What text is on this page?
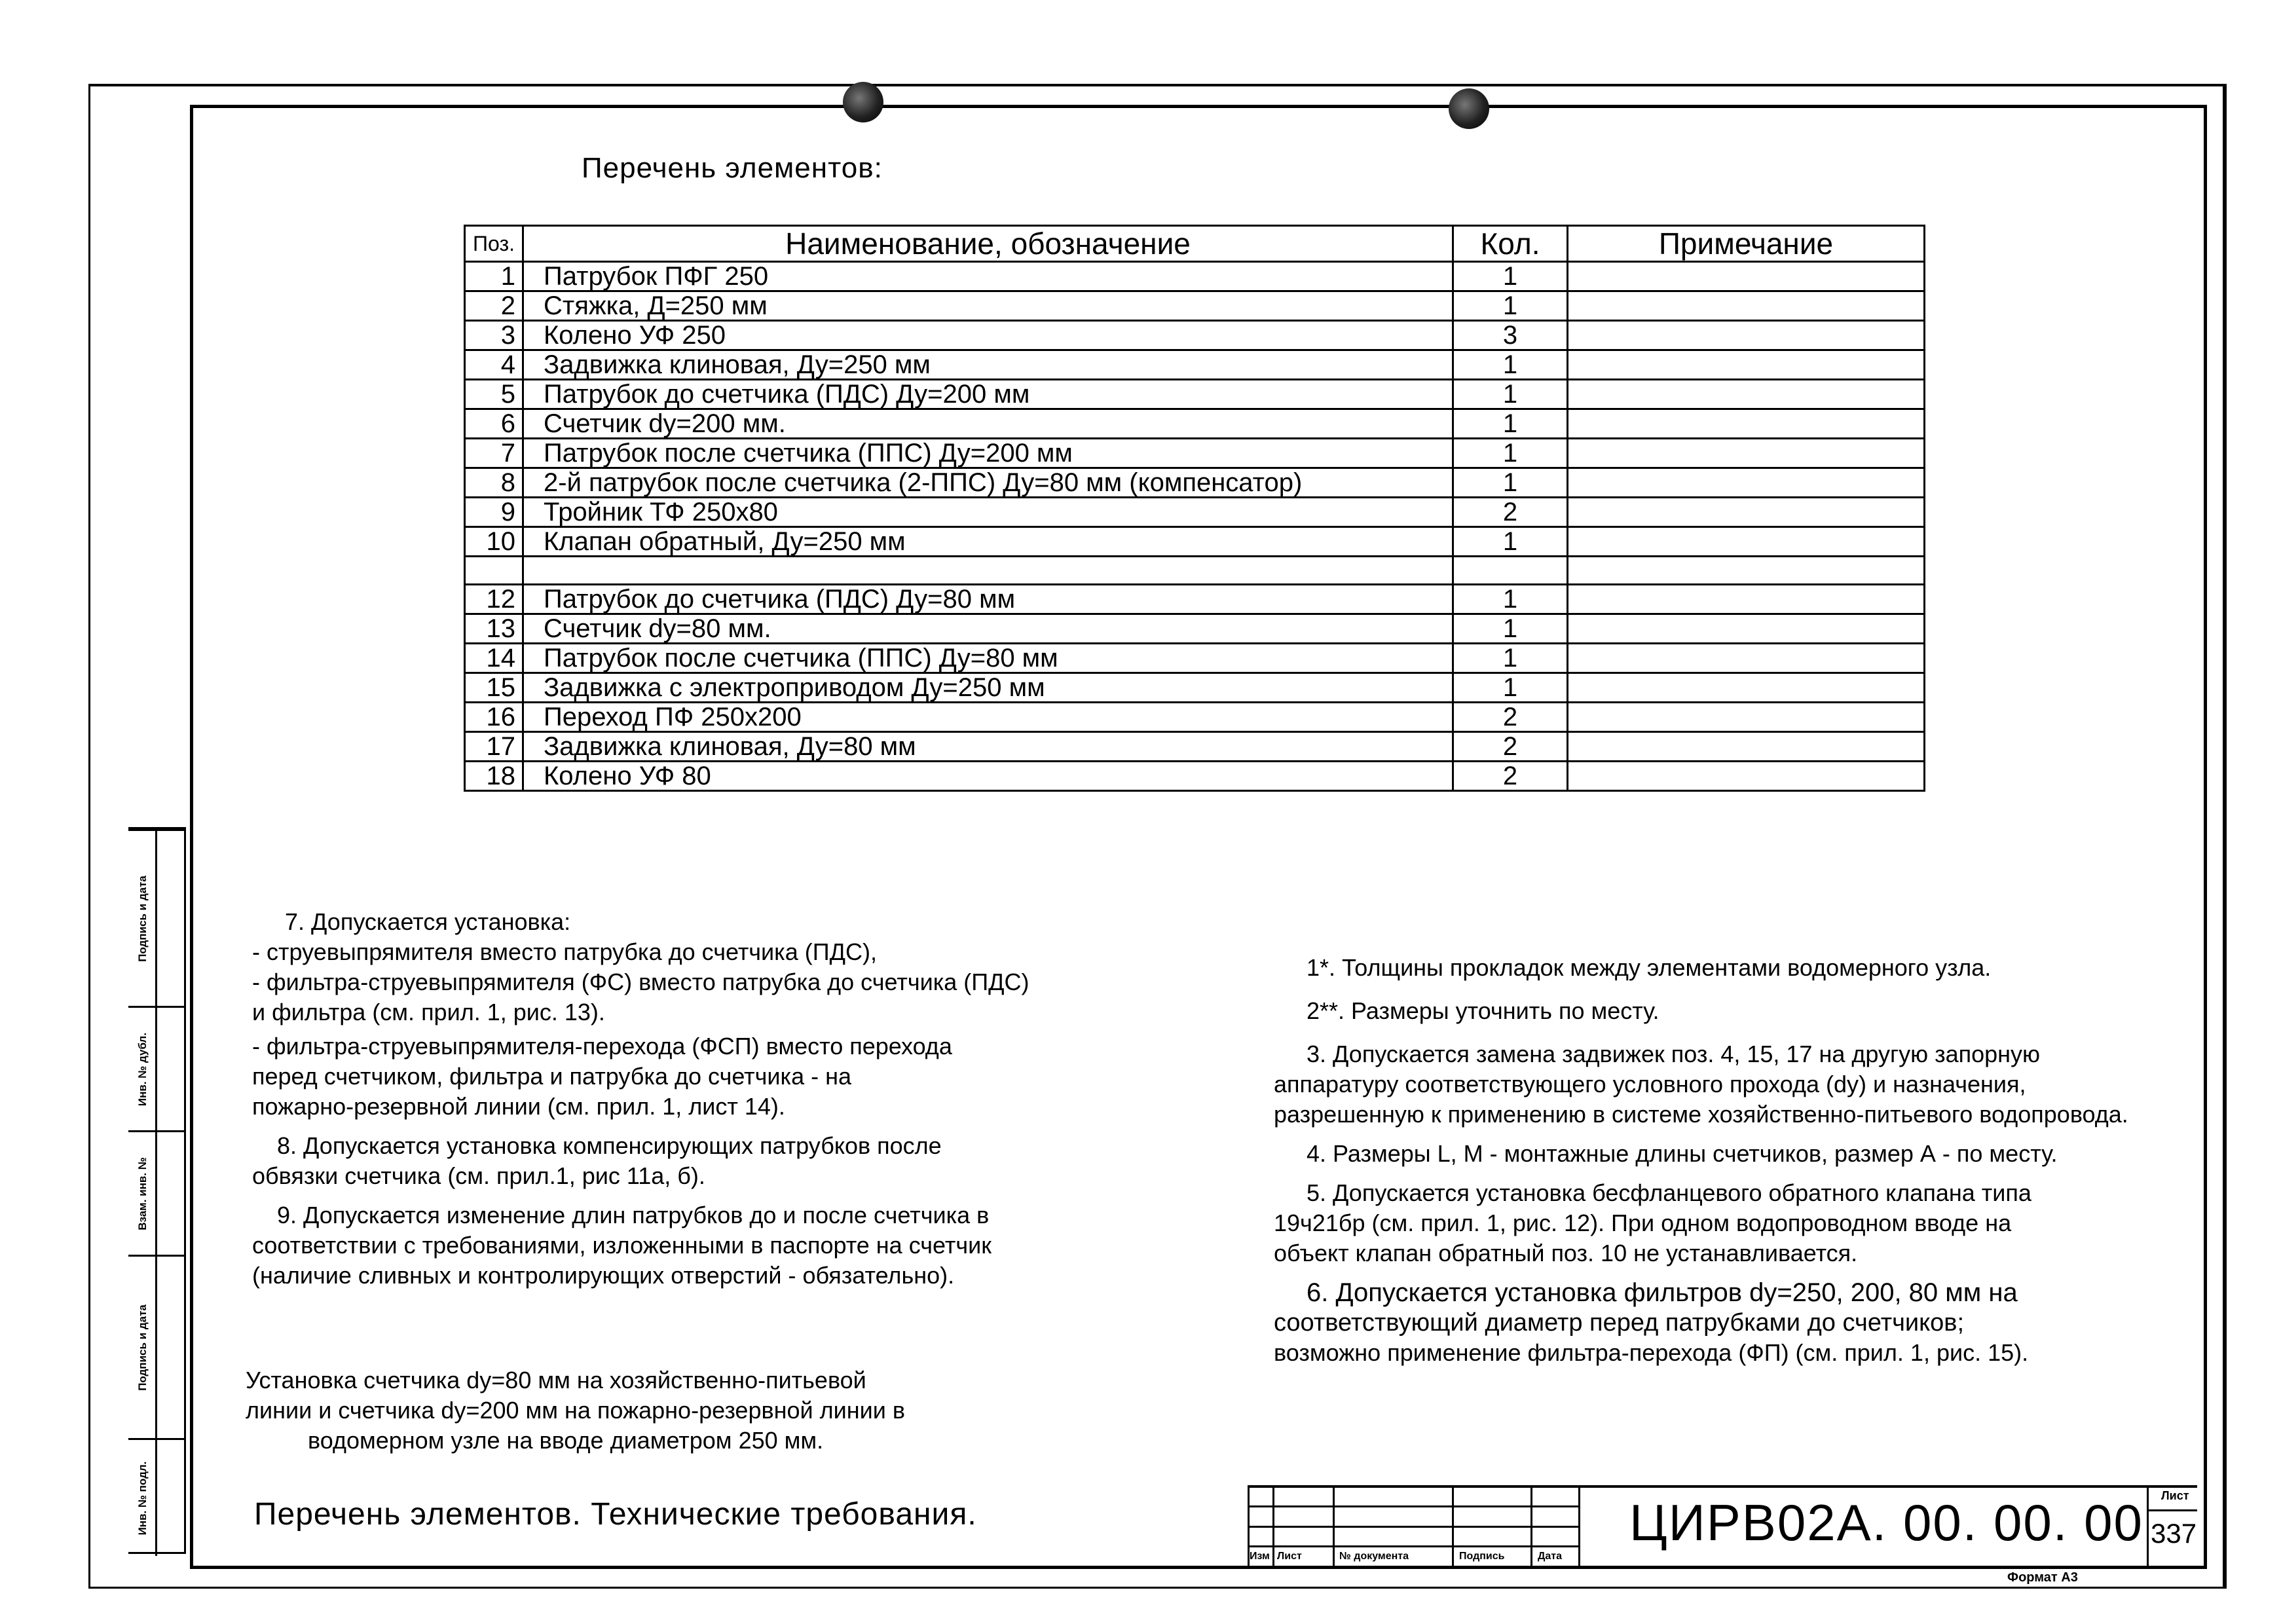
Перечень элементов:
Поз.	Наименование, обозначение	Кол.	Примечание
1	Патрубок ПФГ 250	1	
2	Стяжка, Д=250 мм	1	
3	Колено УФ 250	3	
4	Задвижка клиновая, Ду=250 мм	1	
5	Патрубок до счетчика (ПДС) Ду=200 мм	1	
6	Счетчик dy=200 мм.	1	
7	Патрубок после счетчика (ППС) Ду=200 мм	1	
8	2-й патрубок после счетчика (2-ППС) Ду=80 мм (компенсатор)	1	
9	Тройник ТФ 250x80	2	
10	Клапан обратный, Ду=250 мм	1	

12	Патрубок до счетчика (ПДС) Ду=80 мм	1	
13	Счетчик dy=80 мм.	1	
14	Патрубок после счетчика (ППС) Ду=80 мм	1	
15	Задвижка с электроприводом Ду=250 мм	1	
16	Переход ПФ 250x200	2	
17	Задвижка клиновая, Ду=80 мм	2	
18	Колено УФ 80	2	

7. Допускается установка:

- струевыпрямителя вместо патрубка до счетчика (ПДС),

- фильтра-струевыпрямителя (ФС) вместо патрубка до счетчика (ПДС)

и фильтра (см. прил. 1, рис. 13).

- фильтра-струевыпрямителя-перехода (ФСП) вместо перехода

перед счетчиком, фильтра и патрубка до счетчика - на

пожарно-резервной линии (см. прил. 1, лист 14).

8. Допускается установка компенсирующих патрубков после

обвязки счетчика (см. прил.1, рис 11а, б).

9. Допускается изменение длин патрубков до и после счетчика в

соответствии с требованиями, изложенными в паспорте на счетчик

(наличие сливных и контролирующих отверстий - обязательно).

Установка счетчика dy=80 мм на хозяйственно-питьевой

линии и счетчика dy=200 мм на пожарно-резервной линии в

водомерном узле на вводе диаметром 250 мм.

1*. Толщины прокладок между элементами водомерного узла.

2**. Размеры уточнить по месту.

3. Допускается замена задвижек поз. 4, 15, 17 на другую запорную

аппаратуру соответствующего условного прохода (dy) и назначения,

разрешенную к применению в системе хозяйственно-питьевого водопровода.

4. Размеры L, M - монтажные длины счетчиков, размер А - по месту.

5. Допускается установка бесфланцевого обратного клапана типа

19ч21бр (см. прил. 1, рис. 12). При одном водопроводном вводе на

объект клапан обратный поз. 10 не устанавливается.

6. Допускается установка фильтров dy=250, 200, 80 мм на

соответствующий диаметр перед патрубками до счетчиков;

возможно применение фильтра-перехода (ФП) (см. прил. 1, рис. 15).

Перечень элементов. Технические требования.
Подпись и дата
Инв. № дубл.
Взам. инв. №
Подпись и дата
Инв. № подл.
Изм Лист	№ документа	Подпись	Дата
ЦИРВ02А. 00. 00. 00 Лист
337
Формат А3
